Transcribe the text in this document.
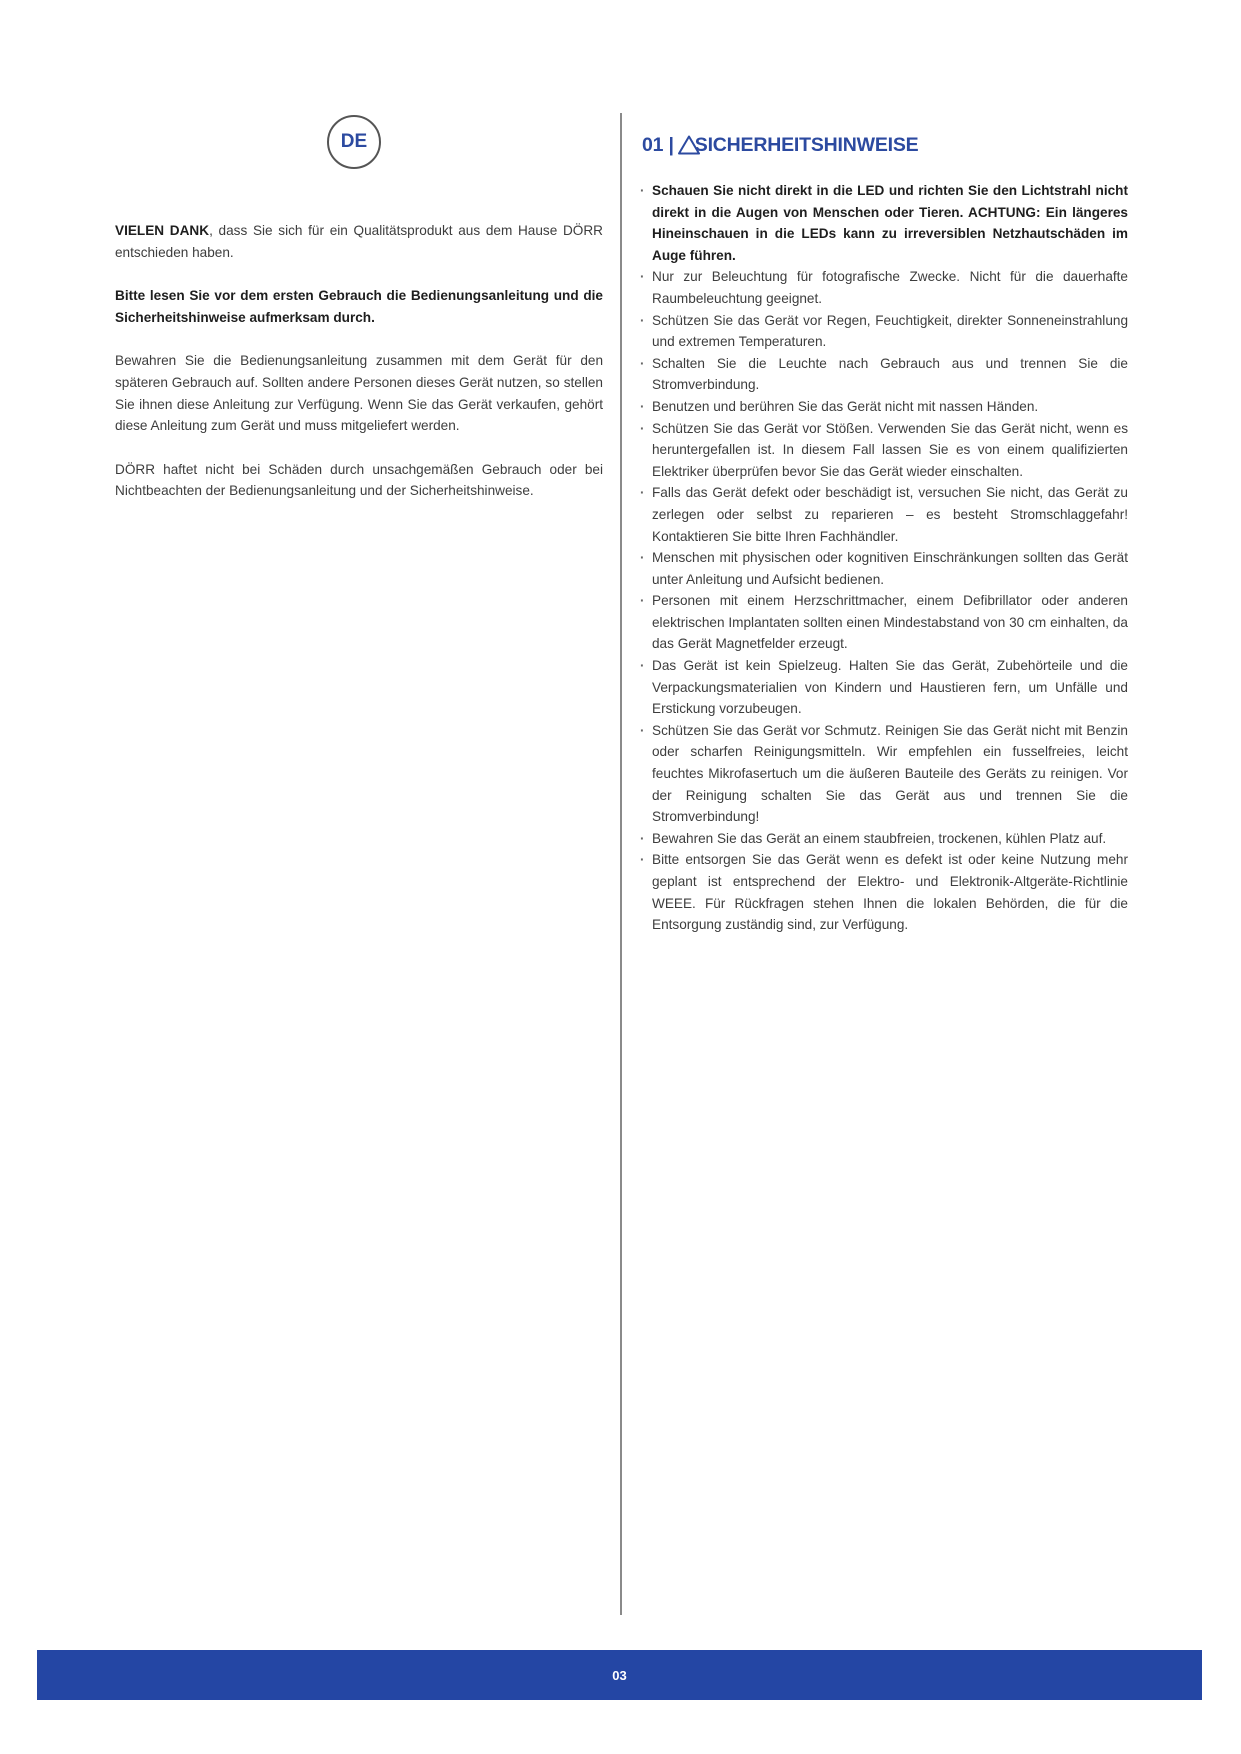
DE

VIELEN DANK, dass Sie sich für ein Qualitätsprodukt aus dem Hause DÖRR entschieden haben.

Bitte lesen Sie vor dem ersten Gebrauch die Bedienungsanleitung und die Sicherheitshinweise aufmerksam durch.

Bewahren Sie die Bedienungsanleitung zusammen mit dem Gerät für den späteren Gebrauch auf. Sollten andere Personen dieses Gerät nutzen, so stellen Sie ihnen diese Anleitung zur Verfügung. Wenn Sie das Gerät verkaufen, gehört diese Anleitung zum Gerät und muss mitgeliefert werden.

DÖRR haftet nicht bei Schäden durch unsachgemäßen Gebrauch oder bei Nichtbeachten der Bedienungsanleitung und der Sicherheitshinweise.

01 | SICHERHEITSHINWEISE
· Schauen Sie nicht direkt in die LED und richten Sie den Lichtstrahl nicht direkt in die Augen von Menschen oder Tieren. ACHTUNG: Ein längeres Hineinschauen in die LEDs kann zu irreversiblen Netzhautschäden im Auge führen.
· Nur zur Beleuchtung für fotografische Zwecke. Nicht für die dauerhafte Raumbeleuchtung geeignet.
· Schützen Sie das Gerät vor Regen, Feuchtigkeit, direkter Sonneneinstrahlung und extremen Temperaturen.
· Schalten Sie die Leuchte nach Gebrauch aus und trennen Sie die Stromverbindung.
· Benutzen und berühren Sie das Gerät nicht mit nassen Händen.
· Schützen Sie das Gerät vor Stößen. Verwenden Sie das Gerät nicht, wenn es heruntergefallen ist. In diesem Fall lassen Sie es von einem qualifizierten Elektriker überprüfen bevor Sie das Gerät wieder einschalten.
· Falls das Gerät defekt oder beschädigt ist, versuchen Sie nicht, das Gerät zu zerlegen oder selbst zu reparieren – es besteht Stromschlaggefahr! Kontaktieren Sie bitte Ihren Fachhändler.
· Menschen mit physischen oder kognitiven Einschränkungen sollten das Gerät unter Anleitung und Aufsicht bedienen.
· Personen mit einem Herzschrittmacher, einem Defibrillator oder anderen elektrischen Implantaten sollten einen Mindestabstand von 30 cm einhalten, da das Gerät Magnetfelder erzeugt.
· Das Gerät ist kein Spielzeug. Halten Sie das Gerät, Zubehörteile und die Verpackungsmaterialien von Kindern und Haustieren fern, um Unfälle und Erstickung vorzubeugen.
· Schützen Sie das Gerät vor Schmutz. Reinigen Sie das Gerät nicht mit Benzin oder scharfen Reinigungsmitteln. Wir empfehlen ein fusselfreies, leicht feuchtes Mikrofasertuch um die äußeren Bauteile des Geräts zu reinigen. Vor der Reinigung schalten Sie das Gerät aus und trennen Sie die Stromverbindung!
· Bewahren Sie das Gerät an einem staubfreien, trockenen, kühlen Platz auf.
· Bitte entsorgen Sie das Gerät wenn es defekt ist oder keine Nutzung mehr geplant ist entsprechend der Elektro- und Elektronik-Altgeräte-Richtlinie WEEE. Für Rückfragen stehen Ihnen die lokalen Behörden, die für die Entsorgung zuständig sind, zur Verfügung.
03
